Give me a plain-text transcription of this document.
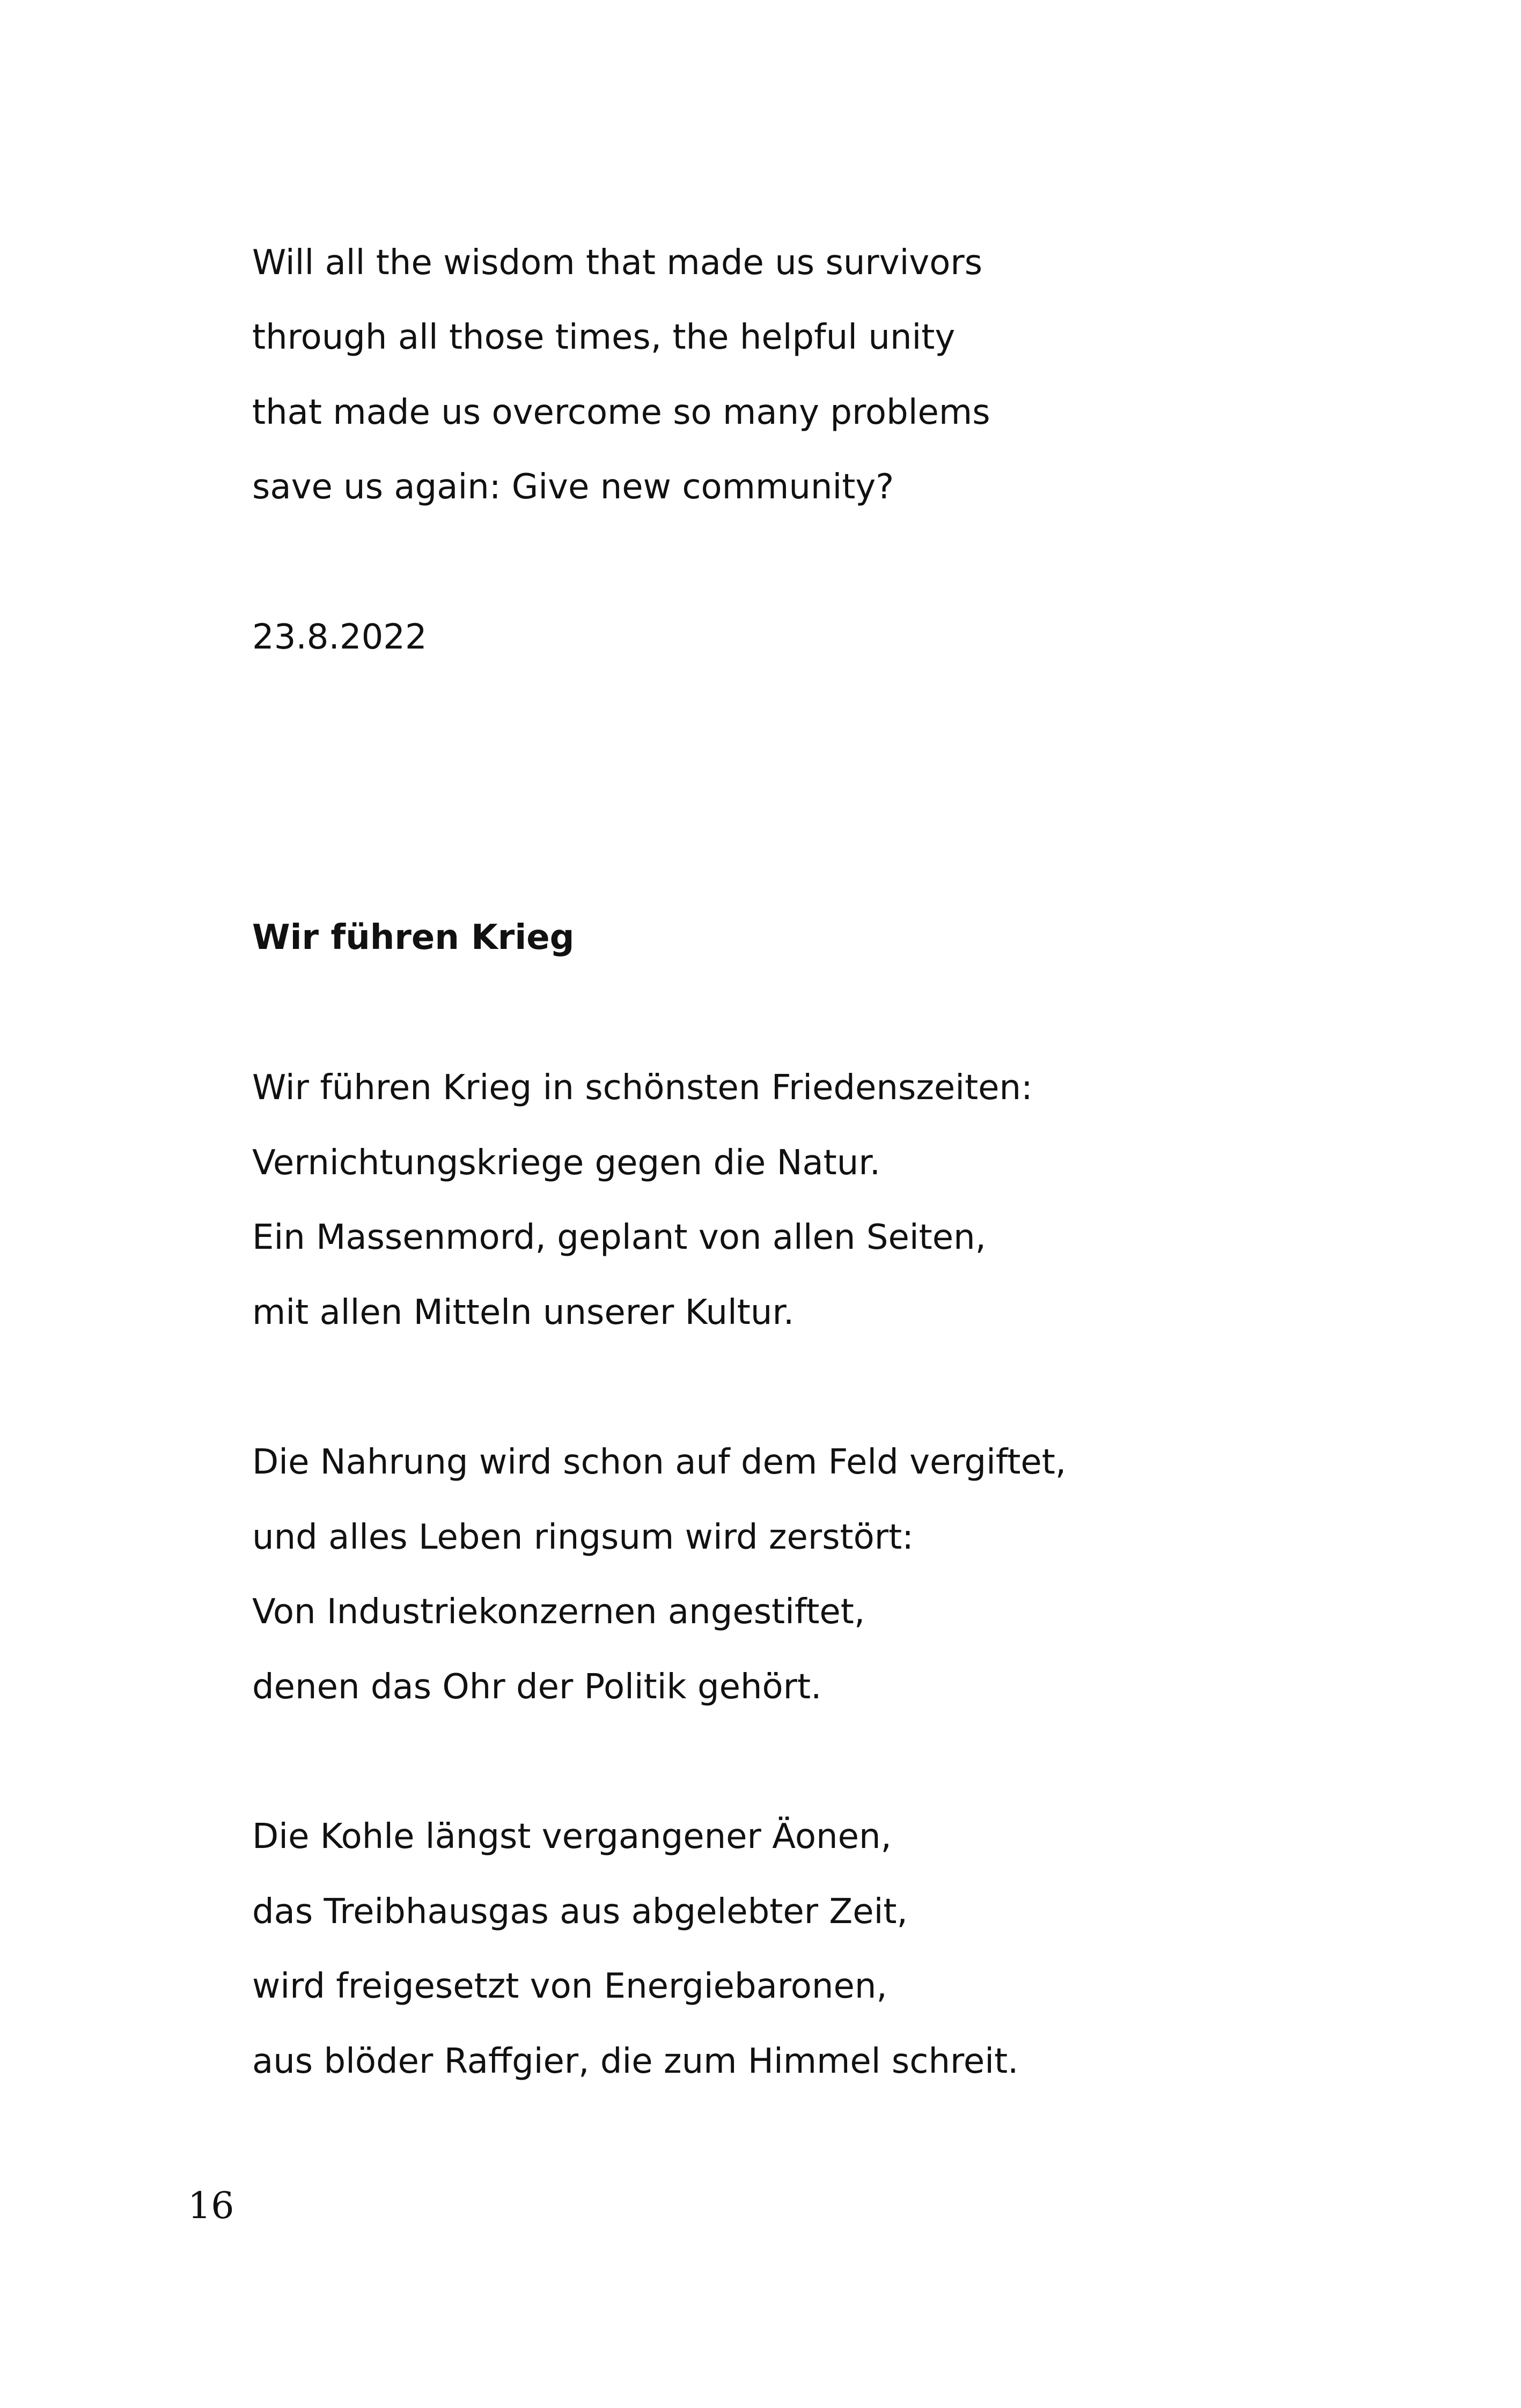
Will all the wisdom that made us survivors

through all those times, the helpful unity

that made us overcome so many problems

save us again: Give new community?

23.8.2022

Wir führen Krieg

Wir führen Krieg in schönsten Friedenszeiten:

Vernichtungskriege gegen die Natur.

Ein Massenmord, geplant von allen Seiten,

mit allen Mitteln unserer Kultur.

Die Nahrung wird schon auf dem Feld vergiftet,

und alles Leben ringsum wird zerstört:

Von Industriekonzernen angestiftet,

denen das Ohr der Politik gehört.

Die Kohle längst vergangener Äonen,

das Treibhausgas aus abgelebter Zeit,

wird freigesetzt von Energiebaronen,

aus blöder Raffgier, die zum Himmel schreit.

16
